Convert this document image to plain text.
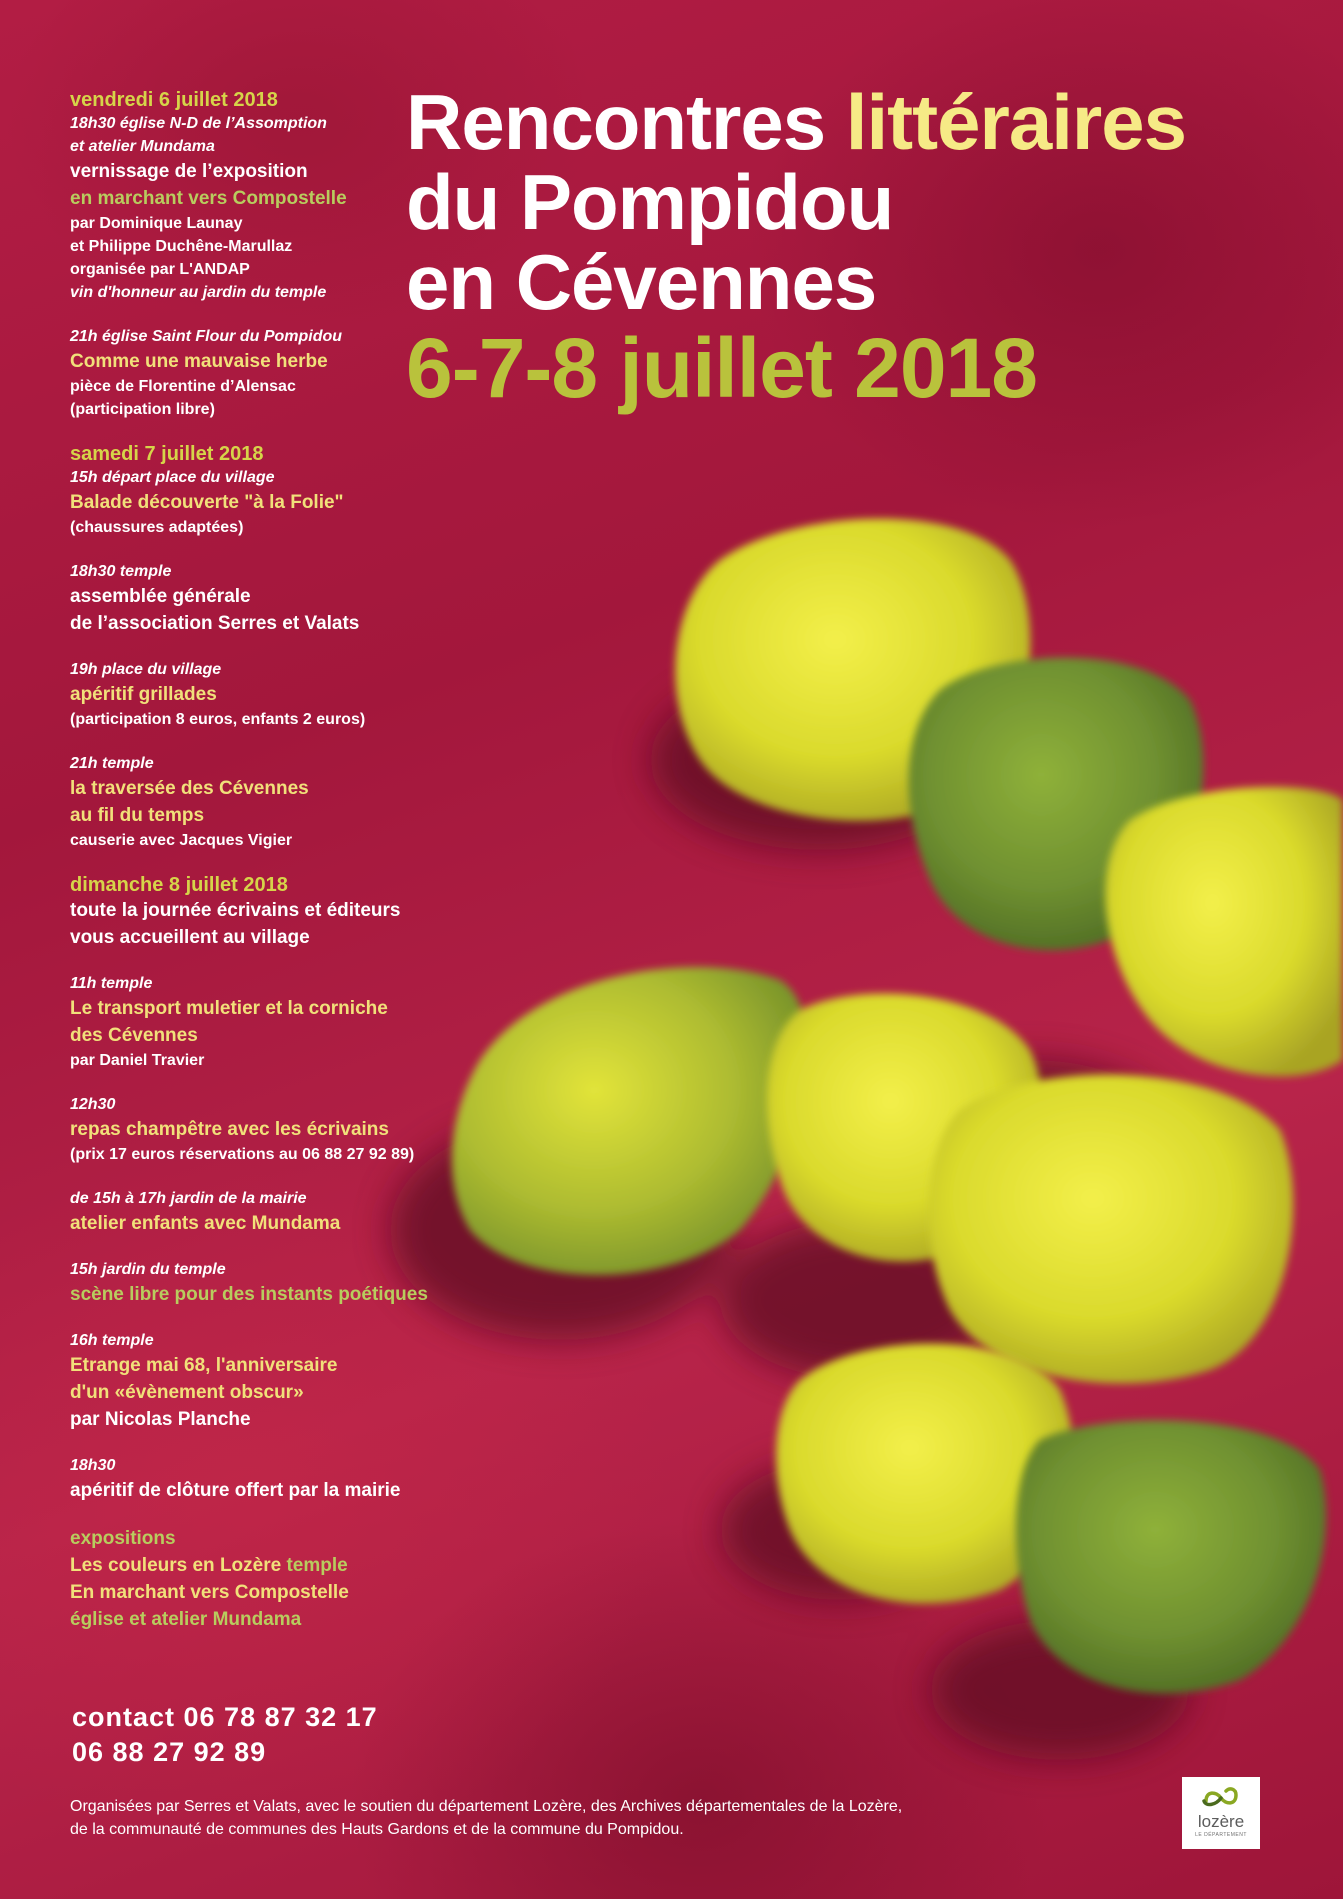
Rencontres littéraires
du Pompidou
en Cévennes
6-7-8 juillet 2018

vendredi 6 juillet 2018

18h30 église N-D de l’Assomption

et atelier Mundama

vernissage de l’exposition

en marchant vers Compostelle

par Dominique Launay

et Philippe Duchêne-Marullaz

organisée par L'ANDAP

vin d'honneur au jardin du temple

21h église Saint Flour du Pompidou

Comme une mauvaise herbe

pièce de Florentine d’Alensac

(participation libre)

samedi 7 juillet 2018

15h départ place du village

Balade découverte "à la Folie"

(chaussures adaptées)

18h30 temple

assemblée générale

de l’association Serres et Valats

19h place du village

apéritif grillades

(participation 8 euros, enfants 2 euros)

21h temple

la traversée des Cévennes

au fil du temps

causerie avec Jacques Vigier

dimanche 8 juillet 2018

toute la journée écrivains et éditeurs

vous accueillent au village

11h temple

Le transport muletier et la corniche

des Cévennes

par Daniel Travier

12h30

repas champêtre avec les écrivains

(prix 17 euros réservations au 06 88 27 92 89)

de 15h à 17h jardin de la mairie

atelier enfants avec Mundama

15h jardin du temple

scène libre pour des instants poétiques

16h temple

Etrange mai 68, l'anniversaire

d'un «évènement obscur»

par Nicolas Planche

18h30

apéritif de clôture offert par la mairie

expositions

Les couleurs en Lozère temple

En marchant vers Compostelle

église et atelier Mundama

contact 06 78 87 32 17

06 88 27 92 89

Organisées par Serres et Valats, avec le soutien du département Lozère, des Archives départementales de la Lozère,

de la communauté de communes des Hauts Gardons et de la commune du Pompidou.	lozère
LE DÉPARTEMENT
